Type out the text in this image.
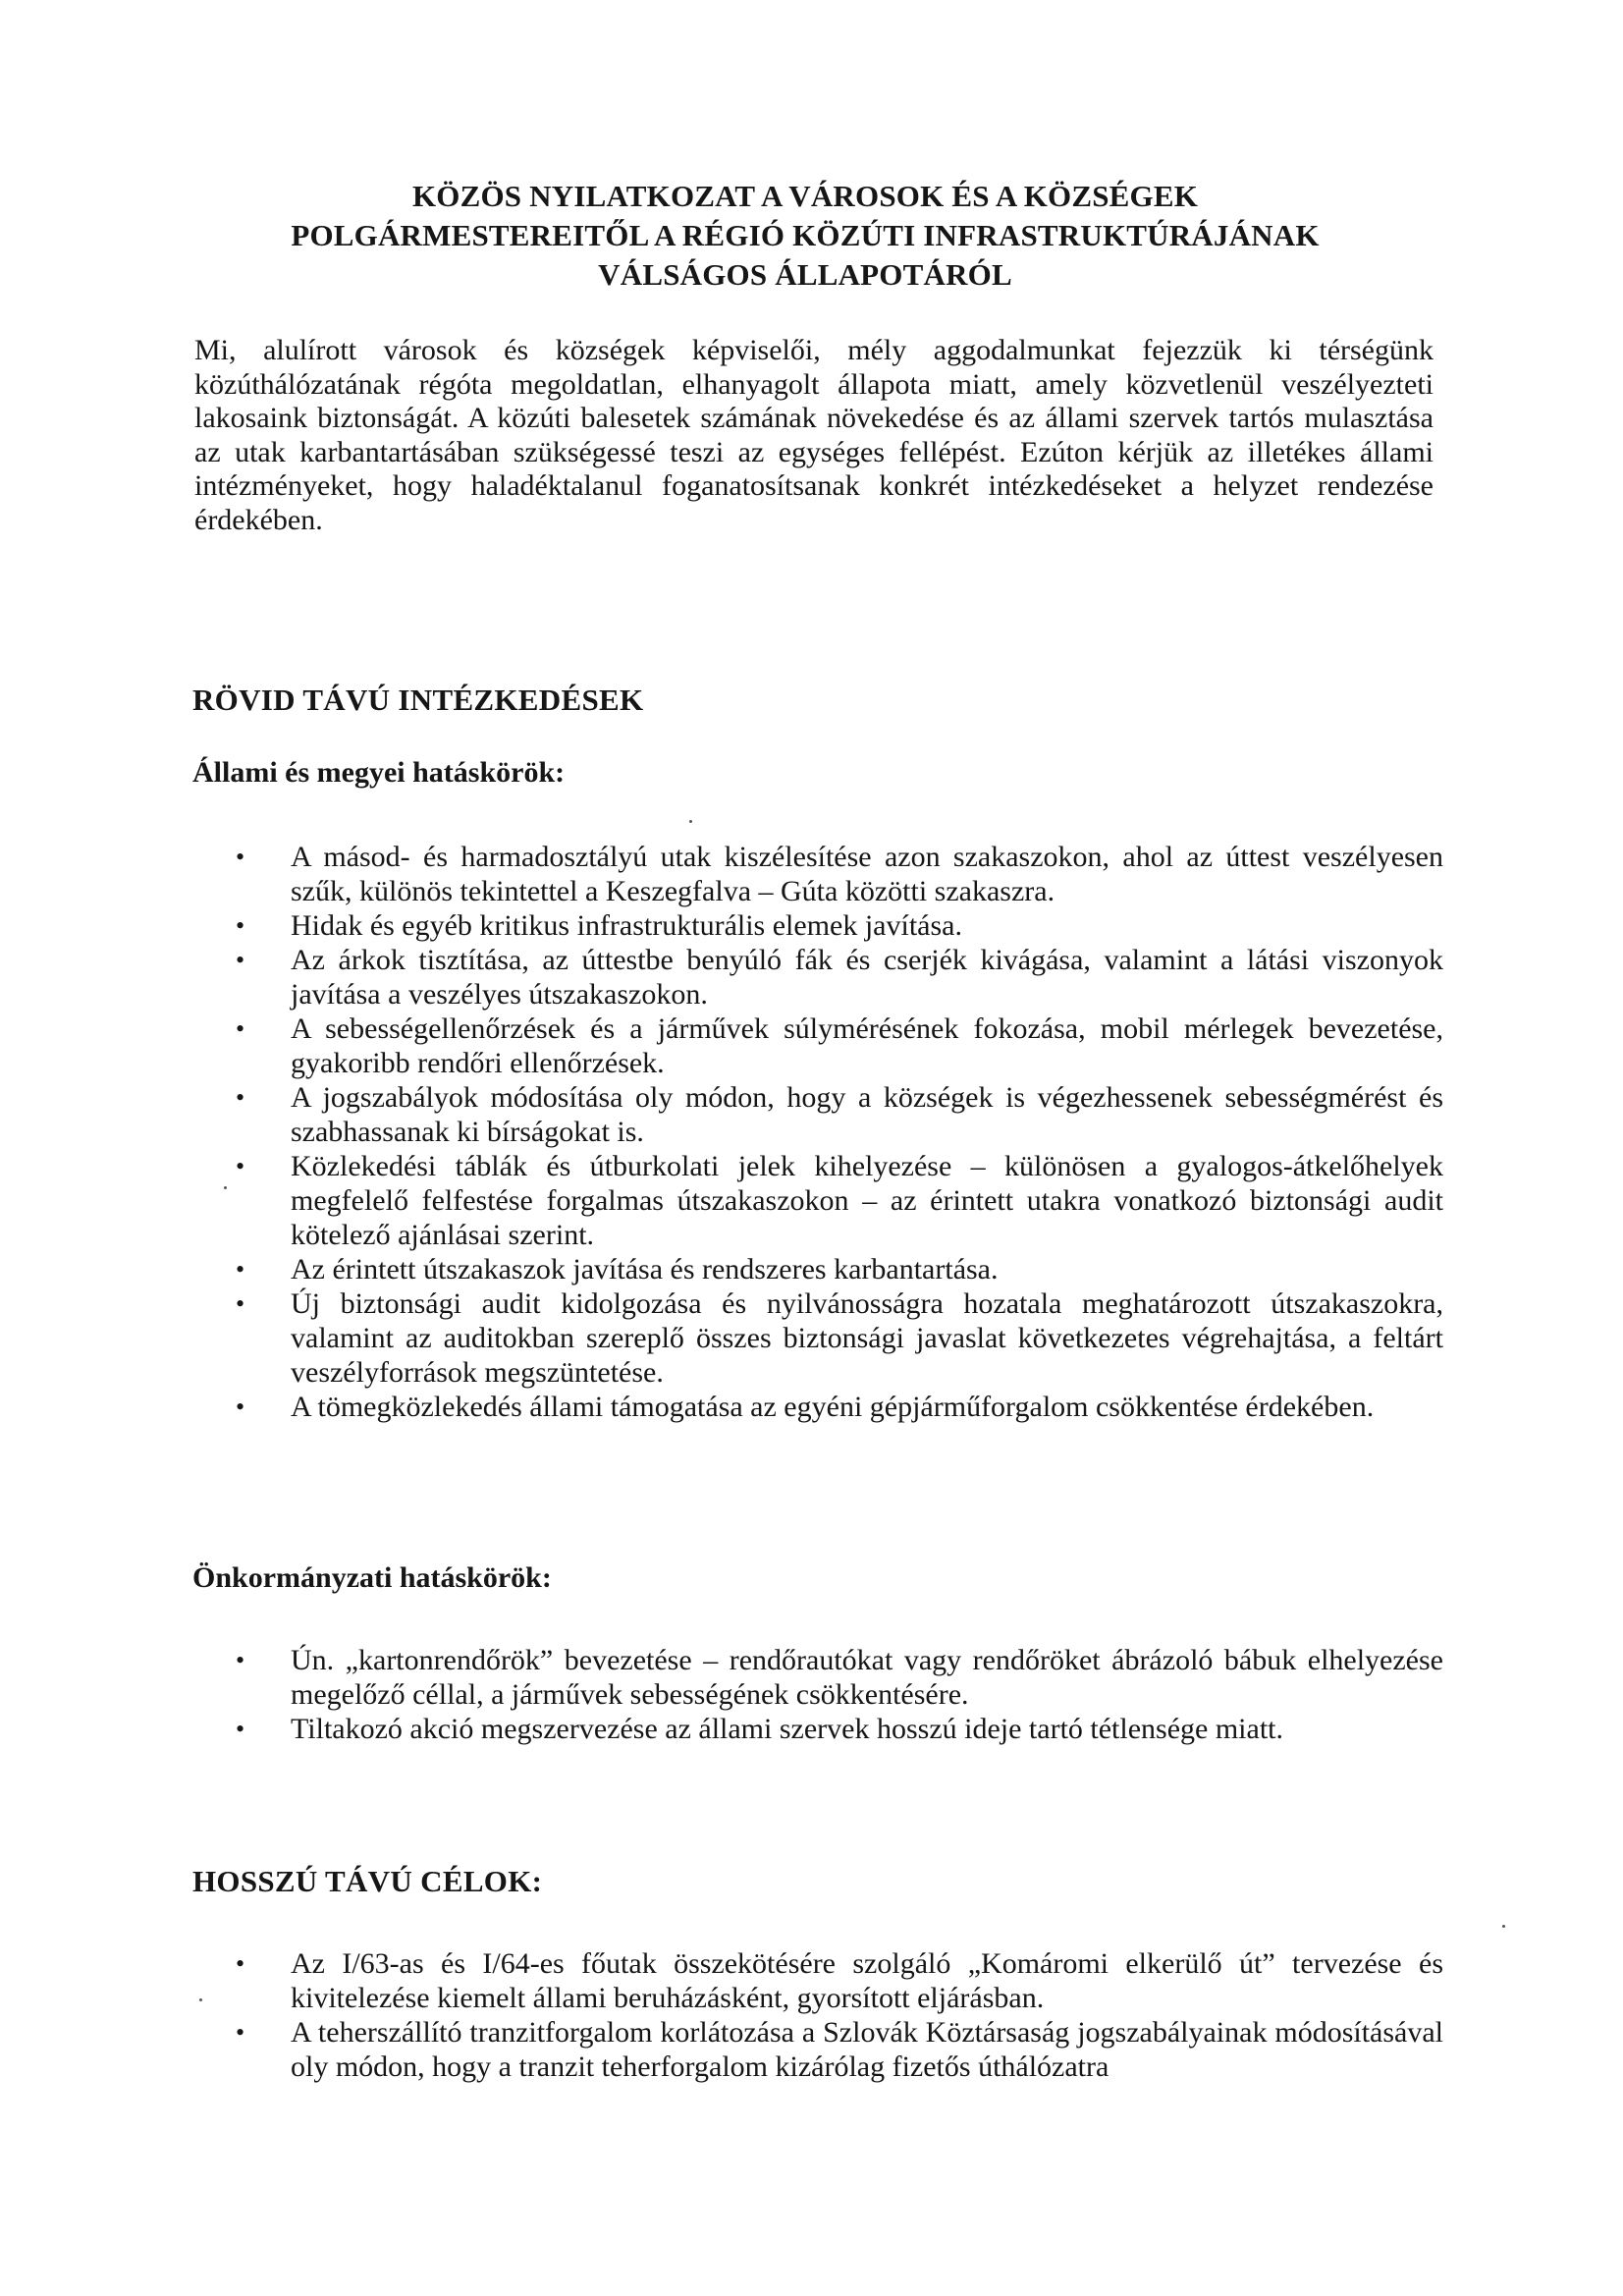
KÖZÖS NYILATKOZAT A VÁROSOK ÉS A KÖZSÉGEK
POLGÁRMESTEREITŐL A RÉGIÓ KÖZÚTI INFRASTRUKTÚRÁJÁNAK
VÁLSÁGOS ÁLLAPOTÁRÓL
Mi, alulírott városok és községek képviselői, mély aggodalmunkat fejezzük ki térségünk közúthálózatának régóta megoldatlan, elhanyagolt állapota miatt, amely közvetlenül veszélyezteti lakosaink biztonságát. A közúti balesetek számának növekedése és az állami szervek tartós mulasztása az utak karbantartásában szükségessé teszi az egységes fellépést. Ezúton kérjük az illetékes állami intézményeket, hogy haladéktalanul foganatosítsanak konkrét intézkedéseket a helyzet rendezése érdekében.
RÖVID TÁVÚ INTÉZKEDÉSEK
Állami és megyei hatáskörök:
• A másod- és harmadosztályú utak kiszélesítése azon szakaszokon, ahol az úttest veszélyesen szűk, különös tekintettel a Keszegfalva – Gúta közötti szakaszra.
• Hidak és egyéb kritikus infrastrukturális elemek javítása.
• Az árkok tisztítása, az úttestbe benyúló fák és cserjék kivágása, valamint a látási viszonyok javítása a veszélyes útszakaszokon.
• A sebességellenőrzések és a járművek súlymérésének fokozása, mobil mérlegek bevezetése, gyakoribb rendőri ellenőrzések.
• A jogszabályok módosítása oly módon, hogy a községek is végezhessenek sebességmérést és szabhassanak ki bírságokat is.
• Közlekedési táblák és útburkolati jelek kihelyezése – különösen a gyalogos-átkelőhelyek megfelelő felfestése forgalmas útszakaszokon – az érintett utakra vonatkozó biztonsági audit kötelező ajánlásai szerint.
• Az érintett útszakaszok javítása és rendszeres karbantartása.
• Új biztonsági audit kidolgozása és nyilvánosságra hozatala meghatározott útszakaszokra, valamint az auditokban szereplő összes biztonsági javaslat következetes végrehajtása, a feltárt veszélyforrások megszüntetése.
• A tömegközlekedés állami támogatása az egyéni gépjárműforgalom csökkentése érdekében.
Önkormányzati hatáskörök:
• Ún. „kartonrendőrök” bevezetése – rendőrautókat vagy rendőröket ábrázoló bábuk elhelyezése megelőző céllal, a járművek sebességének csökkentésére.
• Tiltakozó akció megszervezése az állami szervek hosszú ideje tartó tétlensége miatt.
HOSSZÚ TÁVÚ CÉLOK:
• Az I/63-as és I/64-es főutak összekötésére szolgáló „Komáromi elkerülő út” tervezése és kivitelezése kiemelt állami beruházásként, gyorsított eljárásban.
• A teherszállító tranzitforgalom korlátozása a Szlovák Köztársaság jogszabályainak módosításával oly módon, hogy a tranzit teherforgalom kizárólag fizetős úthálózatra
